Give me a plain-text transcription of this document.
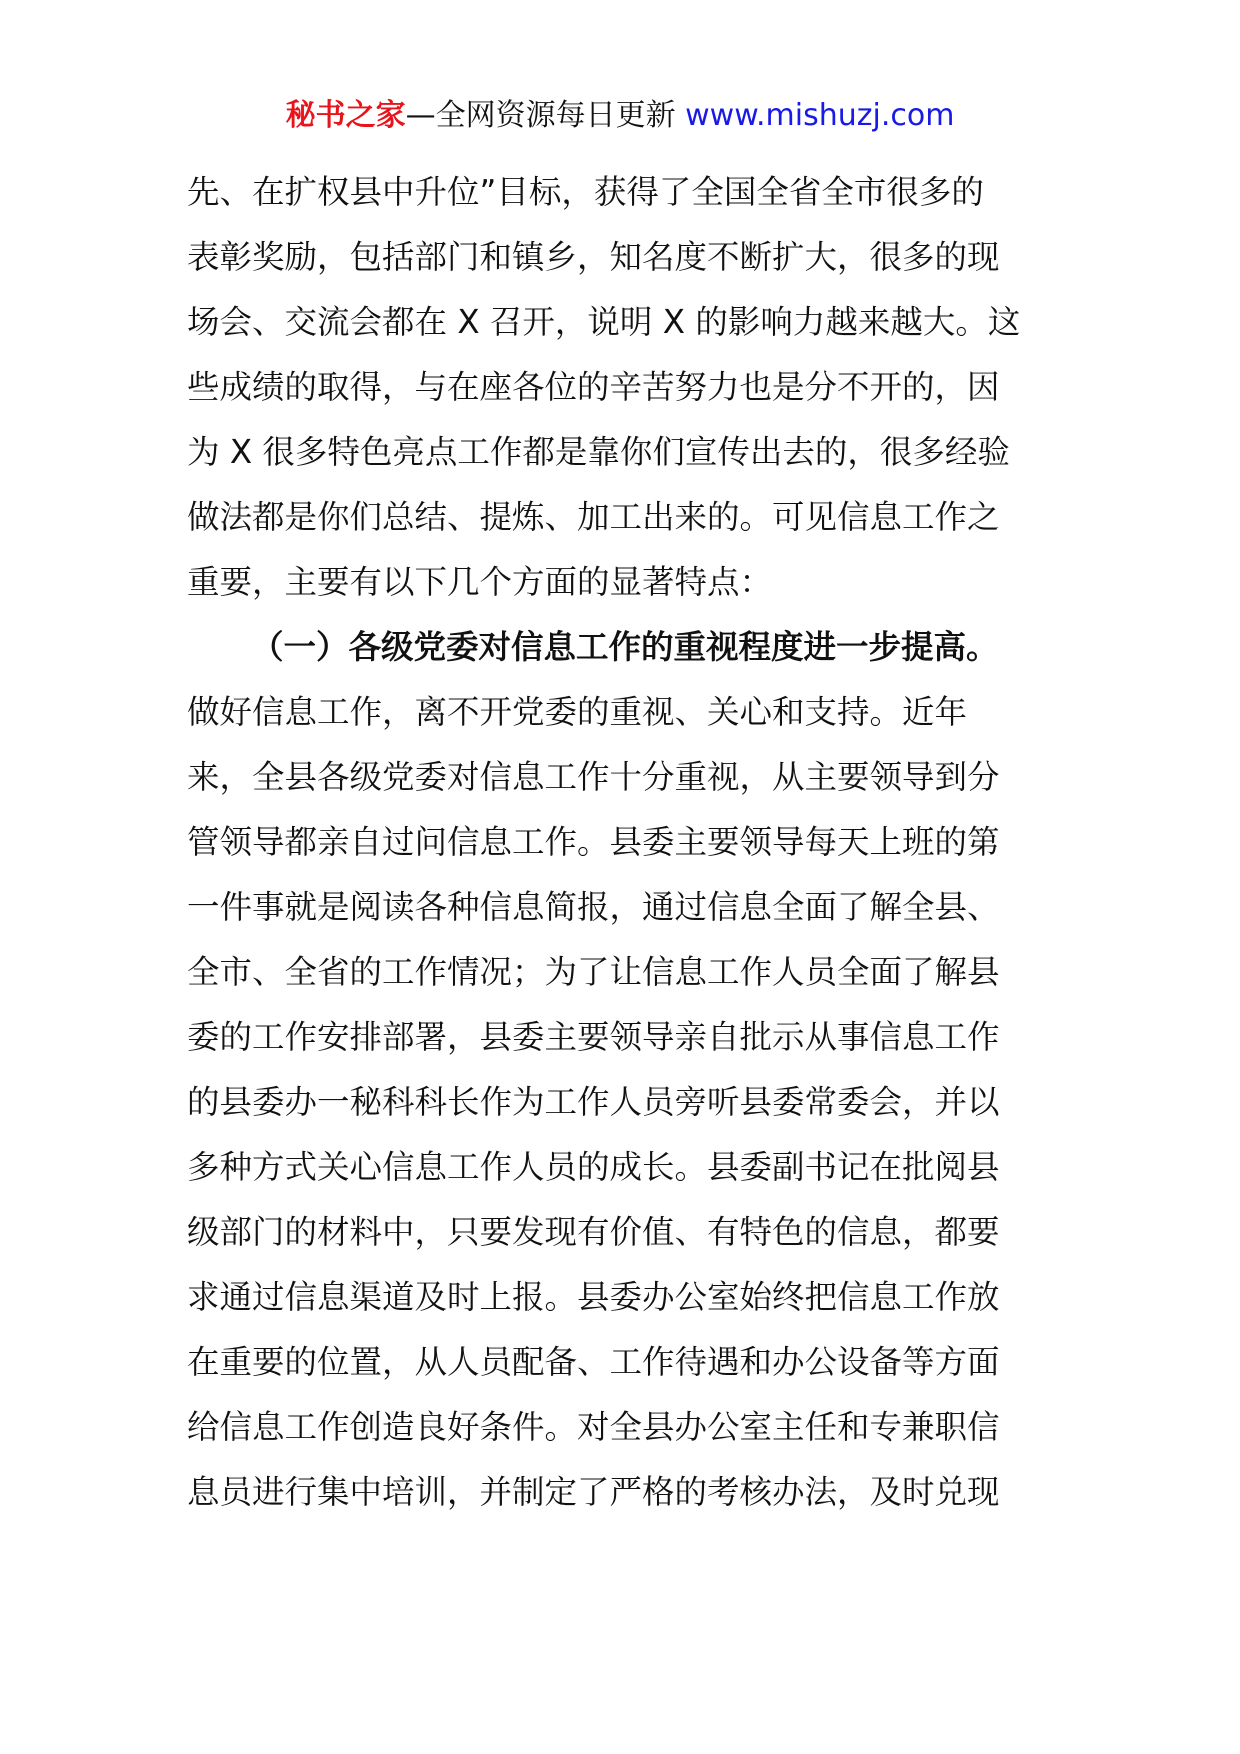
秘书之家—全网资源每日更新 www.mishuzj.com
先、在扩权县中升位”目标，获得了全国全省全市很多的
表彰奖励，包括部门和镇乡，知名度不断扩大，很多的现
场会、交流会都在 X 召开，说明 X 的影响力越来越大。这
些成绩的取得，与在座各位的辛苦努力也是分不开的，因
为 X 很多特色亮点工作都是靠你们宣传出去的，很多经验
做法都是你们总结、提炼、加工出来的。可见信息工作之
重要，主要有以下几个方面的显著特点：
（一）各级党委对信息工作的重视程度进一步提高。
做好信息工作，离不开党委的重视、关心和支持。近年
来，全县各级党委对信息工作十分重视，从主要领导到分
管领导都亲自过问信息工作。县委主要领导每天上班的第
一件事就是阅读各种信息简报，通过信息全面了解全县、
全市、全省的工作情况；为了让信息工作人员全面了解县
委的工作安排部署，县委主要领导亲自批示从事信息工作
的县委办一秘科科长作为工作人员旁听县委常委会，并以
多种方式关心信息工作人员的成长。县委副书记在批阅县
级部门的材料中，只要发现有价值、有特色的信息，都要
求通过信息渠道及时上报。县委办公室始终把信息工作放
在重要的位置，从人员配备、工作待遇和办公设备等方面
给信息工作创造良好条件。对全县办公室主任和专兼职信
息员进行集中培训，并制定了严格的考核办法，及时兑现
